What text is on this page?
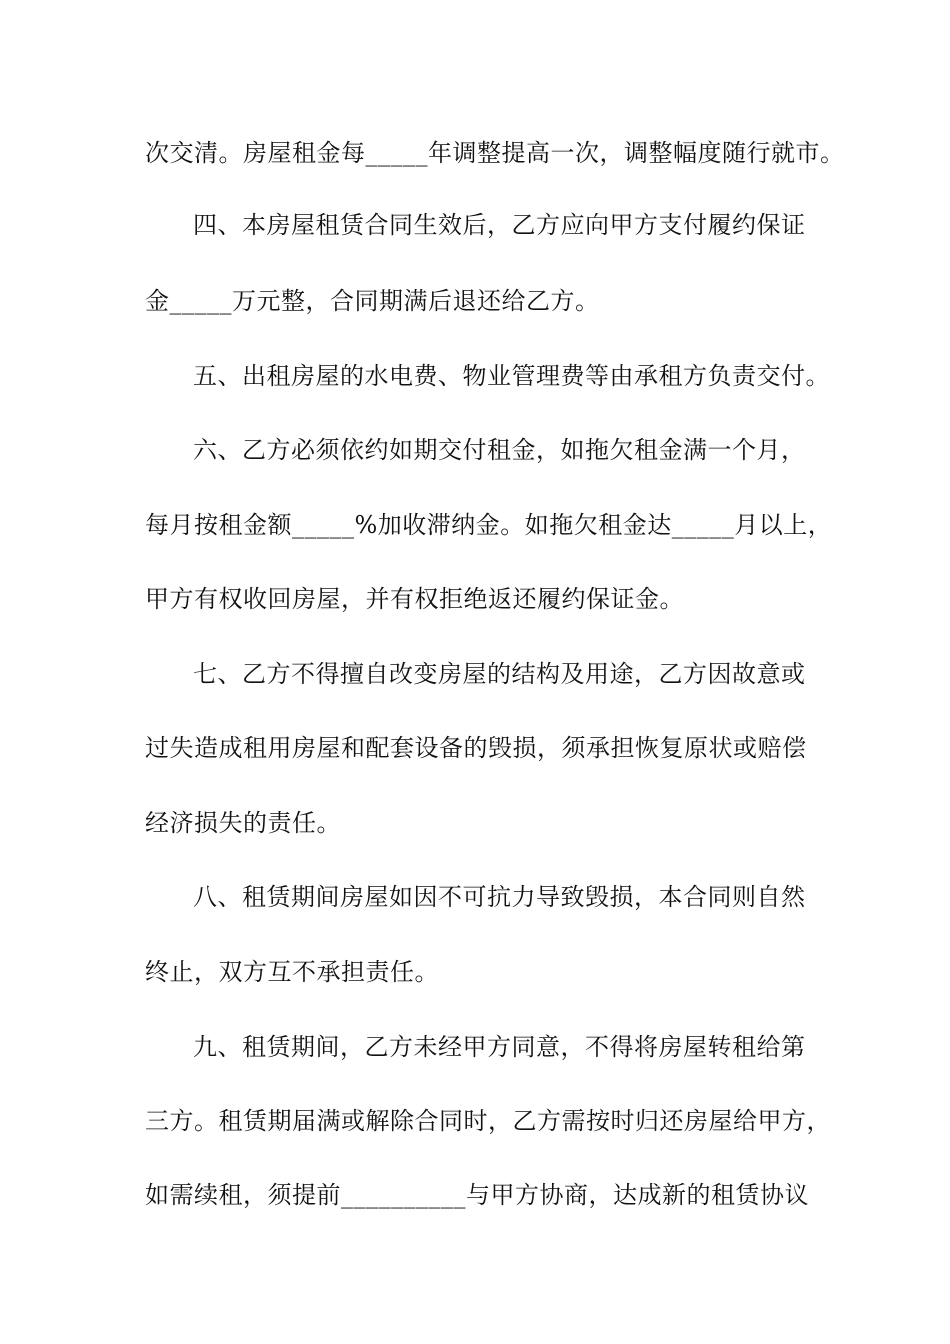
次交清。房屋租金每_____年调整提高一次，调整幅度随行就市。
四、本房屋租赁合同生效后，乙方应向甲方支付履约保证
金_____万元整，合同期满后退还给乙方。
五、出租房屋的水电费、物业管理费等由承租方负责交付。
六、乙方必须依约如期交付租金，如拖欠租金满一个月，
每月按租金额_____%加收滞纳金。如拖欠租金达_____月以上，
甲方有权收回房屋，并有权拒绝返还履约保证金。
七、乙方不得擅自改变房屋的结构及用途，乙方因故意或
过失造成租用房屋和配套设备的毁损，须承担恢复原状或赔偿
经济损失的责任。
八、租赁期间房屋如因不可抗力导致毁损，本合同则自然
终止，双方互不承担责任。
九、租赁期间，乙方未经甲方同意，不得将房屋转租给第
三方。租赁期届满或解除合同时，乙方需按时归还房屋给甲方，
如需续租，须提前__________与甲方协商，达成新的租赁协议
